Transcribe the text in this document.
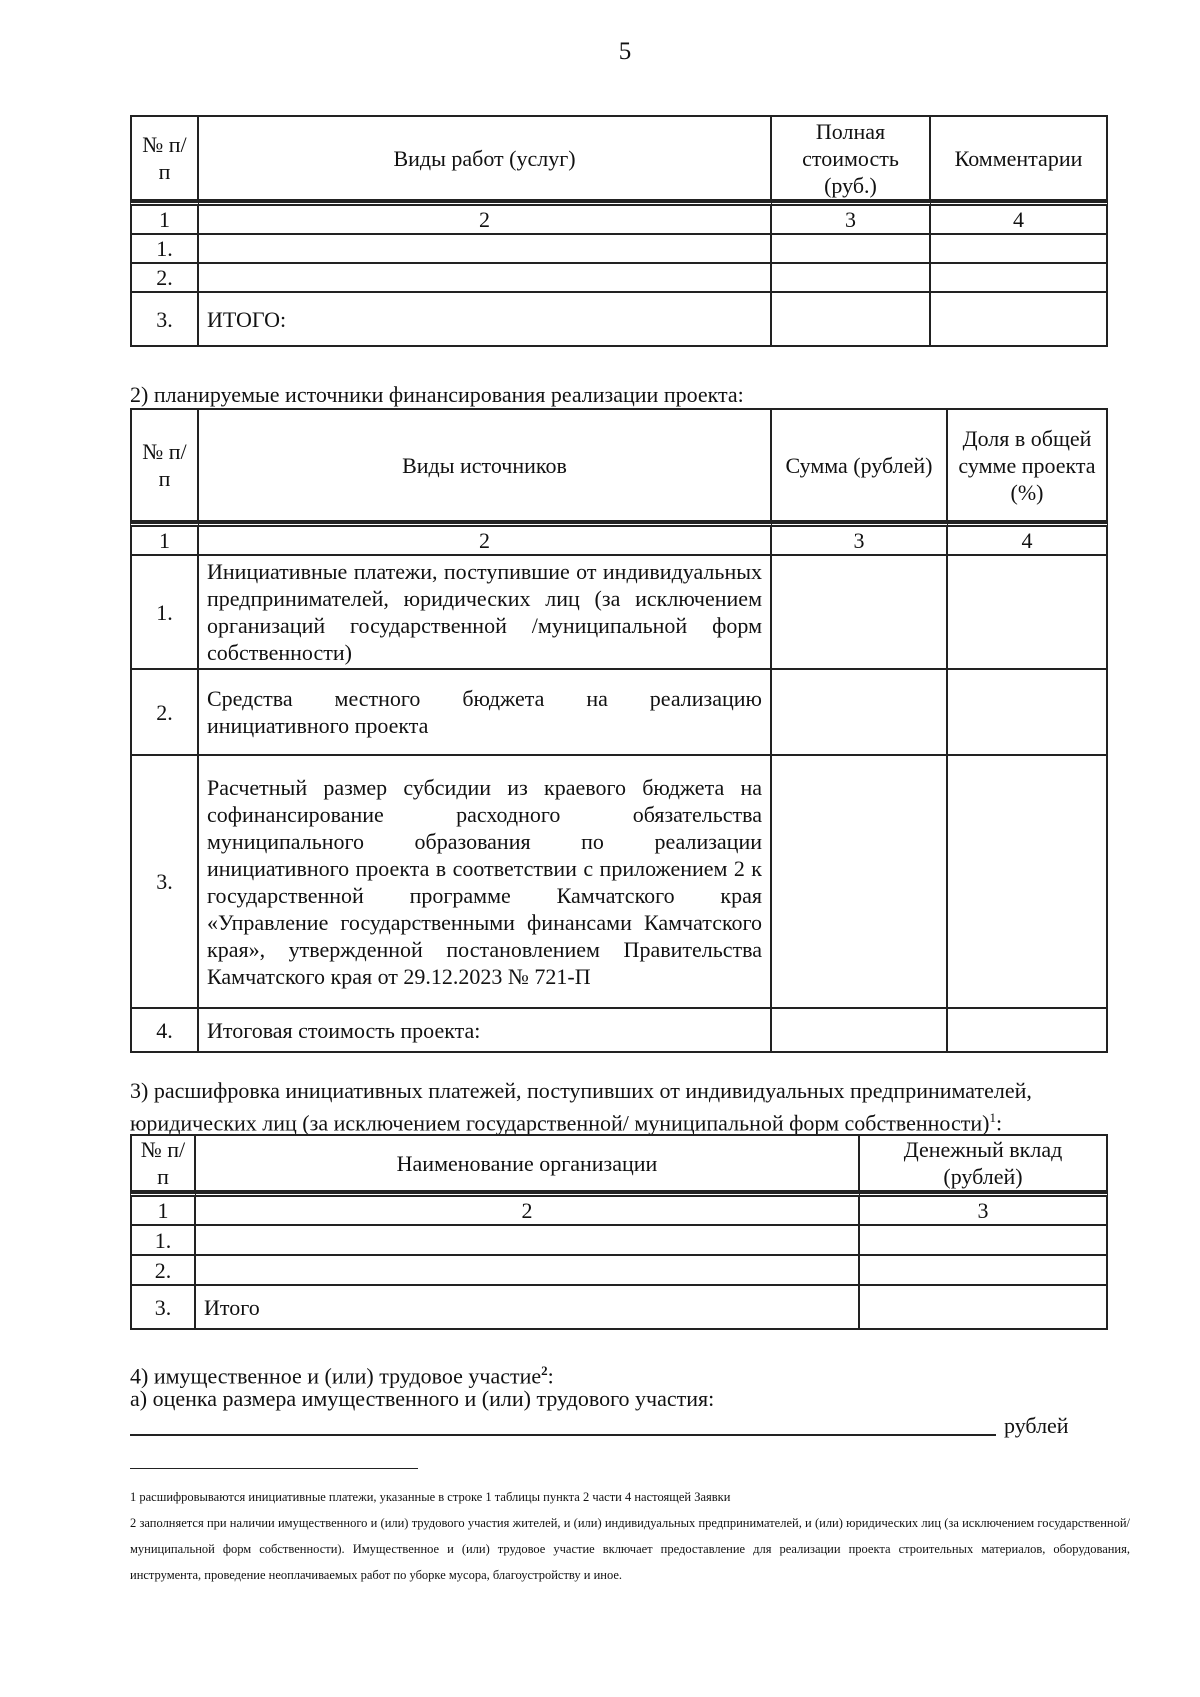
5
№ п/п	Виды работ (услуг)	Полная стоимость (руб.)	Комментарии
1	2	3	4
1.			
2.			
3.	ИТОГО:		
2) планируемые источники финансирования реализации проекта:
№ п/п	Виды источников	Сумма (рублей)	Доля в общей сумме проекта (%)
1	2	3	4
1.	Инициативные платежи, поступившие от индивидуальных предпринимателей, юридических лиц (за исключением организаций государственной /муниципальной форм собственности)		
2.	Средства местного бюджета на реализацию инициативного проекта		
3.	Расчетный размер субсидии из краевого бюджета на софинансирование расходного обязательства муниципального образования по реализации инициативного проекта в соответствии с приложением 2 к государственной программе Камчатского края «Управление государственными финансами Камчатского края», утвержденной постановлением Правительства Камчатского края от 29.12.2023 № 721-П		
4.	Итоговая стоимость проекта:		
3) расшифровка инициативных платежей, поступивших от индивидуальных предпринимателей,
юридических лиц (за исключением государственной/ муниципальной форм собственности)$^1$:
№ п/п	Наименование организации	Денежный вклад (рублей)
1	2	3
1.		
2.		
3.	Итого	
4) имущественное и (или) трудовое участие$^2$:
а) оценка размера имущественного и (или) трудового участия:
рублей

1 расшифровываются инициативные платежи, указанные в строке 1 таблицы пункта 2 части 4 настоящей Заявки

2 заполняется при наличии имущественного и (или) трудового участия жителей, и (или) индивидуальных предпринимателей, и (или) юридических лиц (за исключением государственной/муниципальной форм собственности). Имущественное и (или) трудовое участие включает предоставление для реализации проекта строительных материалов, оборудования, инструмента, проведение неоплачиваемых работ по уборке мусора, благоустройству и иное.
